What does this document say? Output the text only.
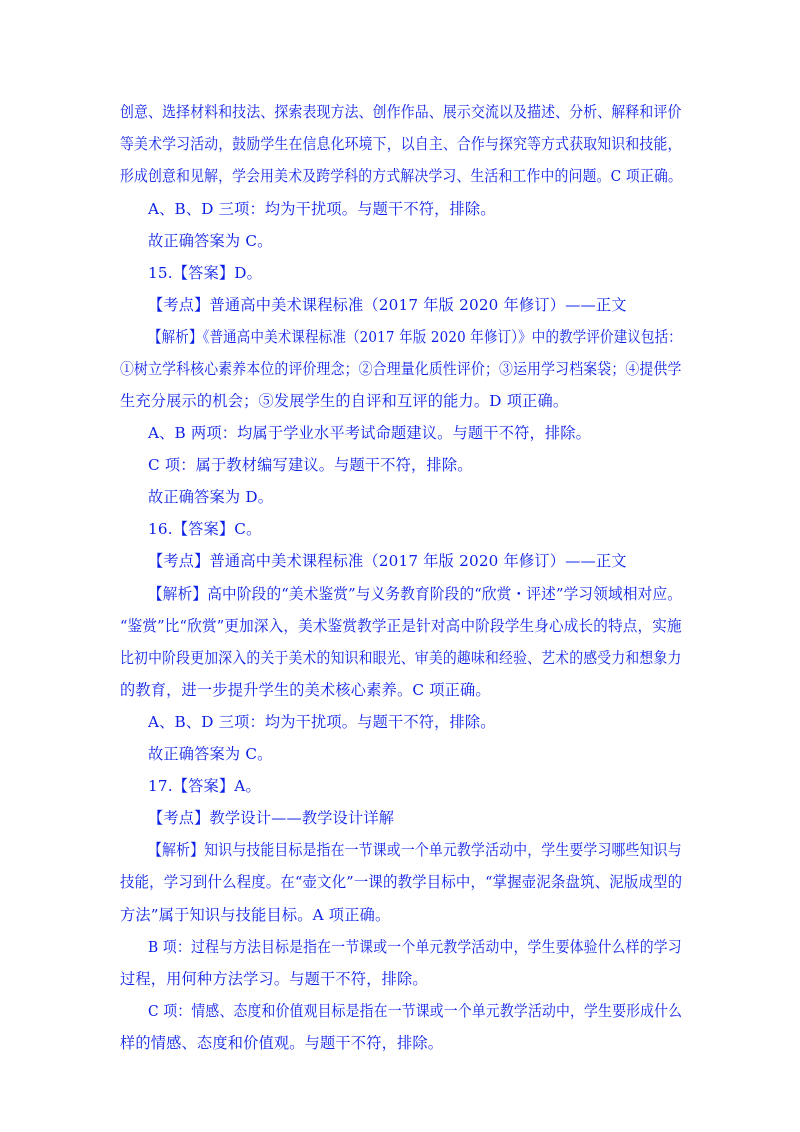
创意、选择材料和技法、探索表现方法、创作作品、展示交流以及描述、分析、解释和评价
等美术学习活动，鼓励学生在信息化环境下，以自主、合作与探究等方式获取知识和技能，
形成创意和见解，学会用美术及跨学科的方式解决学习、生活和工作中的问题。C 项正确。
A、B、D 三项：均为干扰项。与题干不符，排除。
故正确答案为 C。
15.【答案】D。
【考点】普通高中美术课程标准（2017 年版 2020 年修订）——正文
【解析】《普通高中美术课程标准（2017 年版 2020 年修订）》中的教学评价建议包括：
①树立学科核心素养本位的评价理念；②合理量化质性评价；③运用学习档案袋；④提供学
生充分展示的机会；⑤发展学生的自评和互评的能力。D 项正确。
A、B 两项：均属于学业水平考试命题建议。与题干不符，排除。
C 项：属于教材编写建议。与题干不符，排除。
故正确答案为 D。
16.【答案】C。
【考点】普通高中美术课程标准（2017 年版 2020 年修订）——正文
【解析】高中阶段的“美术鉴赏”与义务教育阶段的“欣赏・评述”学习领域相对应。
“鉴赏”比“欣赏”更加深入，美术鉴赏教学正是针对高中阶段学生身心成长的特点，实施
比初中阶段更加深入的关于美术的知识和眼光、审美的趣味和经验、艺术的感受力和想象力
的教育，进一步提升学生的美术核心素养。C 项正确。
A、B、D 三项：均为干扰项。与题干不符，排除。
故正确答案为 C。
17.【答案】A。
【考点】教学设计——教学设计详解
【解析】知识与技能目标是指在一节课或一个单元教学活动中，学生要学习哪些知识与
技能，学习到什么程度。在“壶文化”一课的教学目标中，“掌握壶泥条盘筑、泥版成型的
方法”属于知识与技能目标。A 项正确。
B 项：过程与方法目标是指在一节课或一个单元教学活动中，学生要体验什么样的学习
过程，用何种方法学习。与题干不符，排除。
C 项：情感、态度和价值观目标是指在一节课或一个单元教学活动中，学生要形成什么
样的情感、态度和价值观。与题干不符，排除。
